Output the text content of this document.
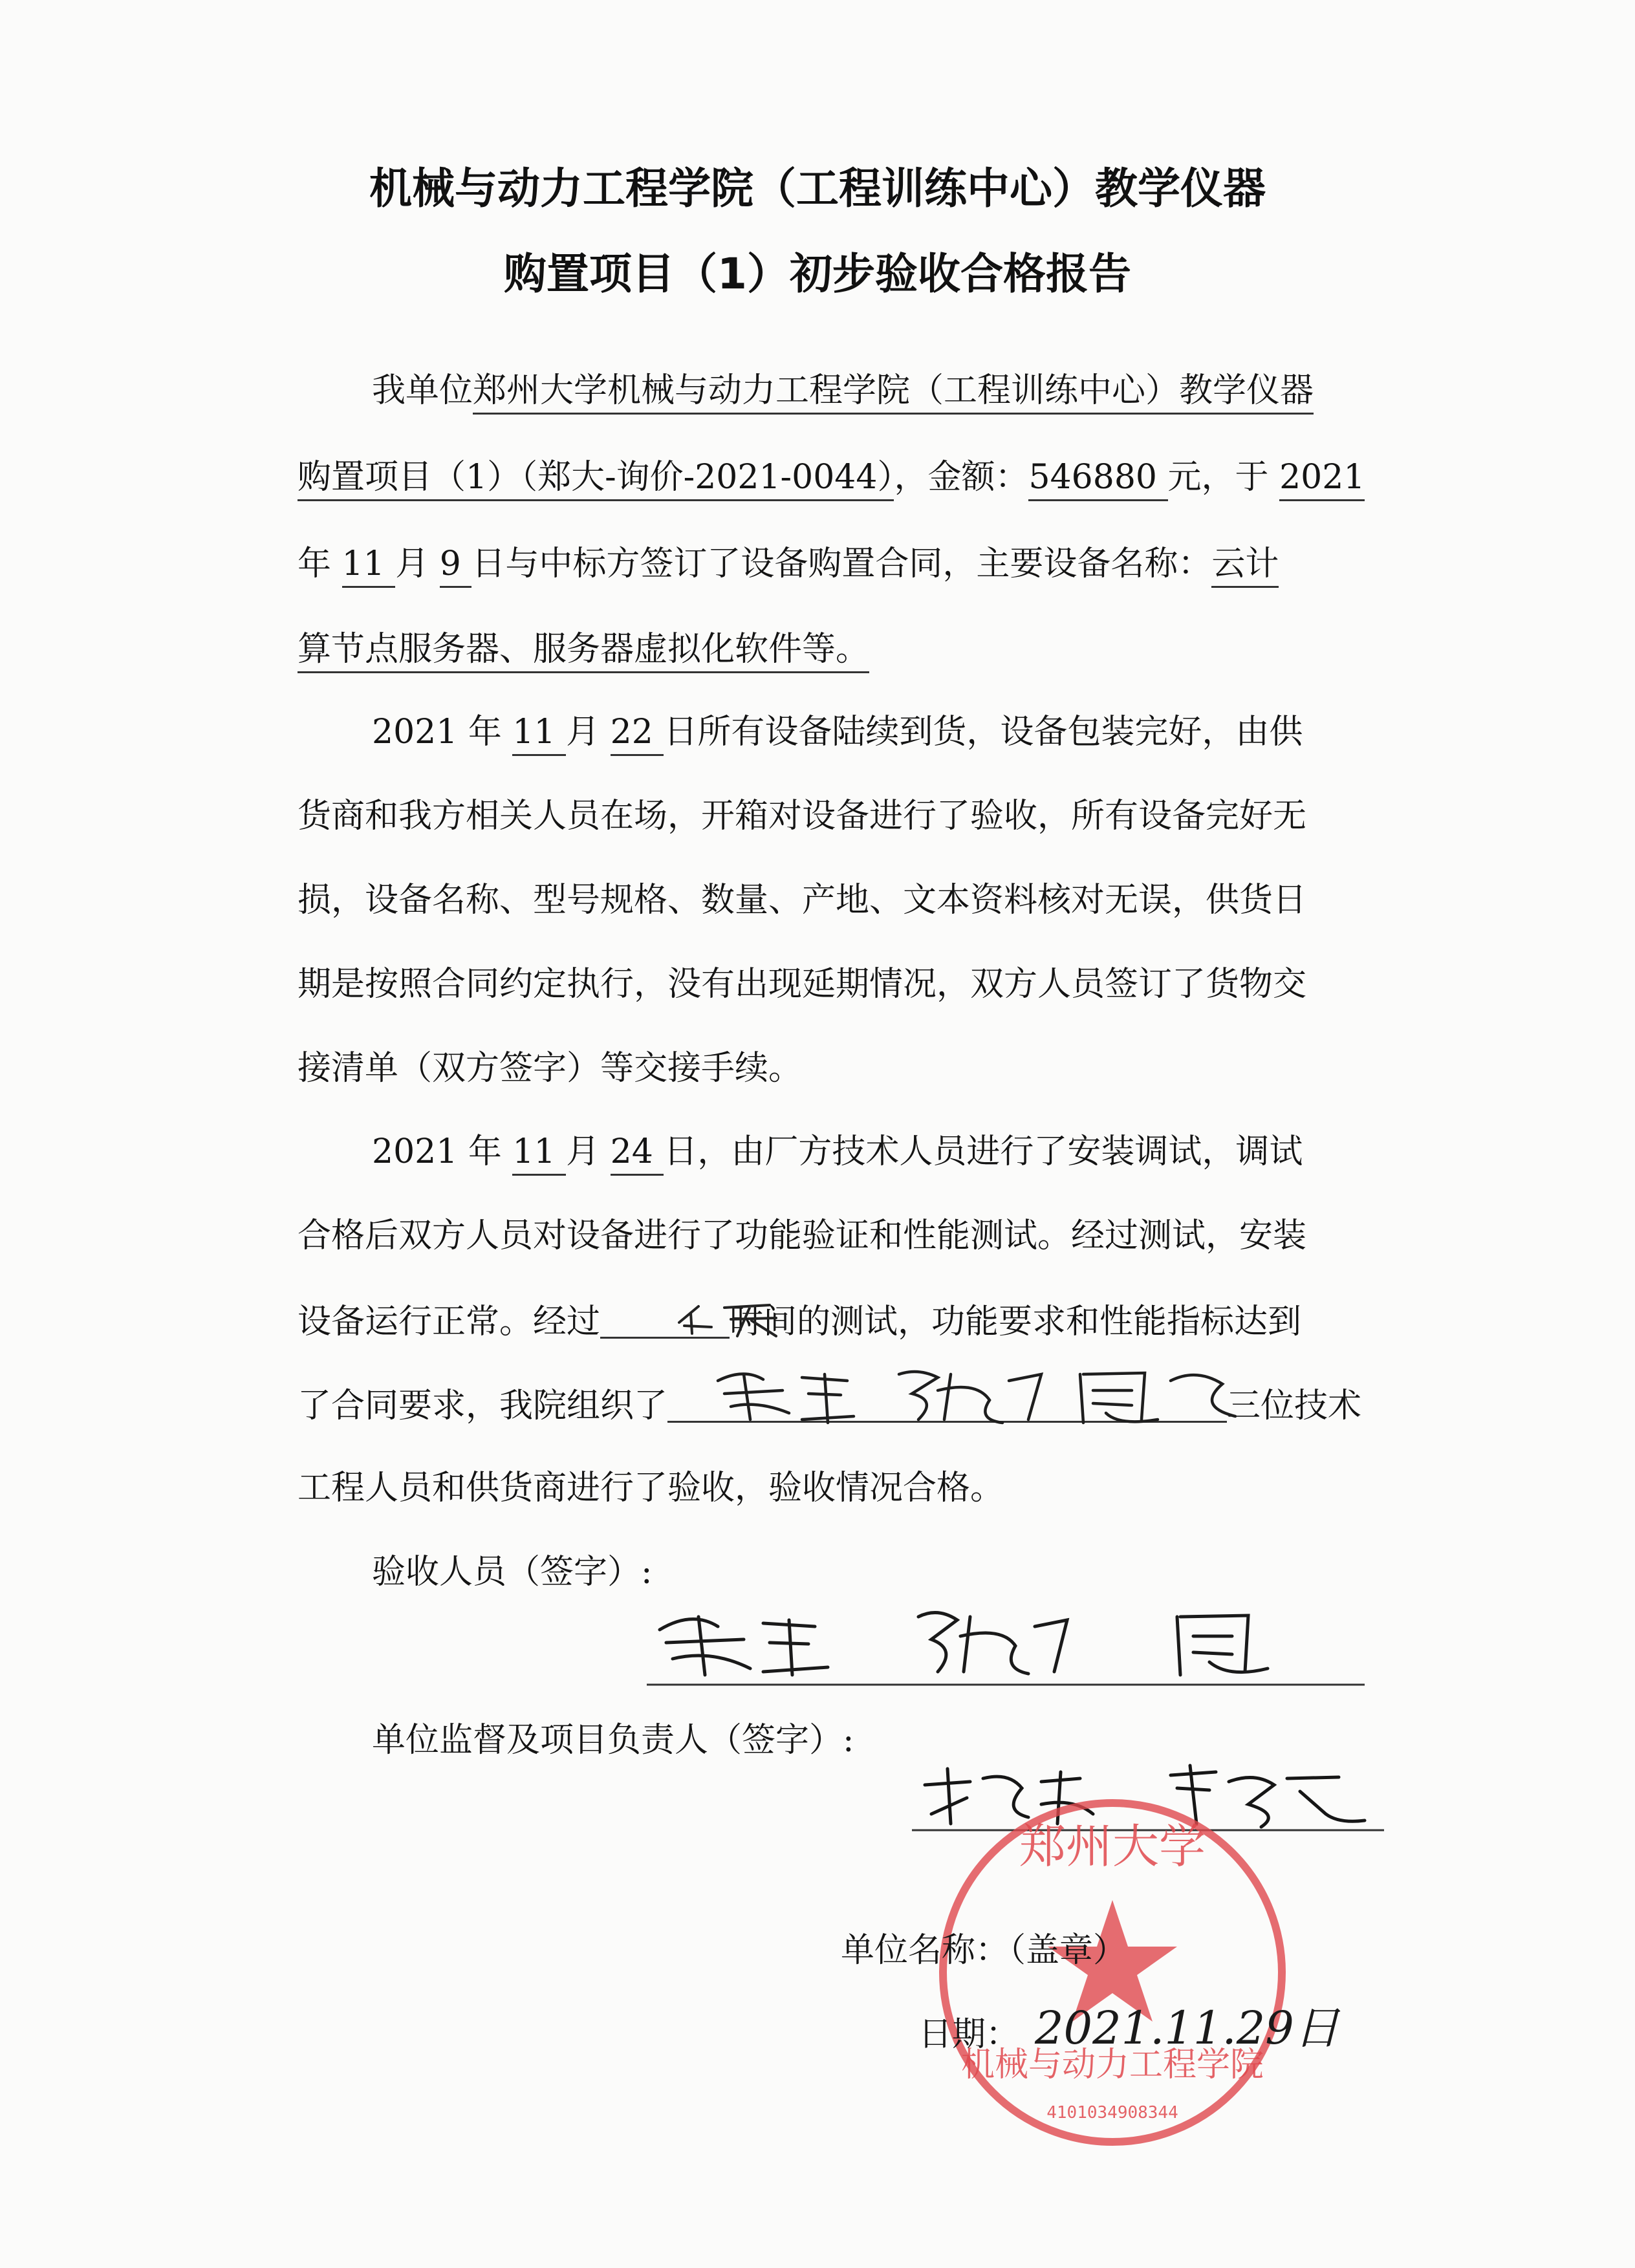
机械与动力工程学院（工程训练中心）教学仪器
购置项目（1）初步验收合格报告
我单位郑州大学机械与动力工程学院（工程训练中心）教学仪器
购置项目（1）（郑大-询价-2021-0044），金额：546880 元，于 2021
年 11 月 9 日与中标方签订了设备购置合同，主要设备名称：云计
算节点服务器、服务器虚拟化软件等。
2021 年 11 月 22 日所有设备陆续到货，设备包装完好，由供
货商和我方相关人员在场，开箱对设备进行了验收，所有设备完好无
损，设备名称、型号规格、数量、产地、文本资料核对无误，供货日
期是按照合同约定执行，没有出现延期情况，双方人员签订了货物交
接清单（双方签字）等交接手续。
2021 年 11 月 24 日，由厂方技术人员进行了安装调试，调试
合格后双方人员对设备进行了功能验证和性能测试。经过测试，安装
设备运行正常。经过	时间的测试，功能要求和性能指标达到
了合同要求，我院组织了	三位技术
工程人员和供货商进行了验收，验收情况合格。
验收人员（签字）:
单位监督及项目负责人（签字）:
郑州大学
机械与动力工程学院
4101034908344
单位名称：（盖章）
日期： 2021.11.29日
